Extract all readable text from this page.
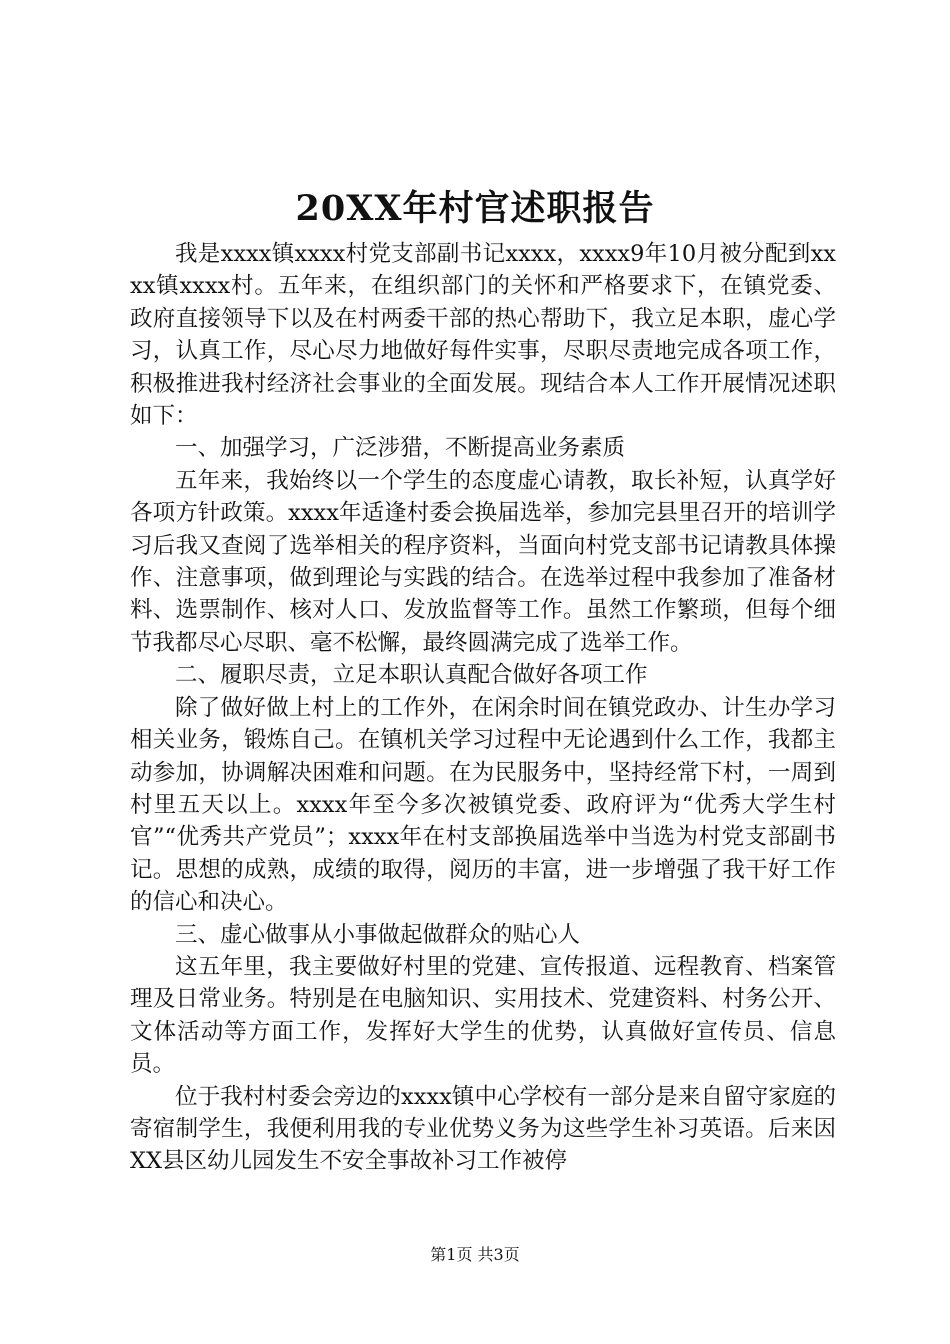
20XX年村官述职报告

我是xxxx镇xxxx村党支部副书记xxxx，xxxx9年10月被分配到xxxx镇xxxx村。五年来，在组织部门的关怀和严格要求下，在镇党委、政府直接领导下以及在村两委干部的热心帮助下，我立足本职，虚心学习，认真工作，尽心尽力地做好每件实事，尽职尽责地完成各项工作，积极推进我村经济社会事业的全面发展。现结合本人工作开展情况述职如下：

一、加强学习，广泛涉猎，不断提高业务素质

五年来，我始终以一个学生的态度虚心请教，取长补短，认真学好各项方针政策。xxxx年适逢村委会换届选举，参加完县里召开的培训学习后我又查阅了选举相关的程序资料，当面向村党支部书记请教具体操作、注意事项，做到理论与实践的结合。在选举过程中我参加了准备材料、选票制作、核对人口、发放监督等工作。虽然工作繁琐，但每个细节我都尽心尽职、毫不松懈，最终圆满完成了选举工作。

二、履职尽责，立足本职认真配合做好各项工作

除了做好做上村上的工作外，在闲余时间在镇党政办、计生办学习相关业务，锻炼自己。在镇机关学习过程中无论遇到什么工作，我都主动参加，协调解决困难和问题。在为民服务中，坚持经常下村，一周到村里五天以上。xxxx年至今多次被镇党委、政府评为“优秀大学生村官”“优秀共产党员”；xxxx年在村支部换届选举中当选为村党支部副书记。思想的成熟，成绩的取得，阅历的丰富，进一步增强了我干好工作的信心和决心。

三、虚心做事从小事做起做群众的贴心人

这五年里，我主要做好村里的党建、宣传报道、远程教育、档案管理及日常业务。特别是在电脑知识、实用技术、党建资料、村务公开、文体活动等方面工作，发挥好大学生的优势，认真做好宣传员、信息员。

位于我村村委会旁边的xxxx镇中心学校有一部分是来自留守家庭的寄宿制学生，我便利用我的专业优势义务为这些学生补习英语。后来因XX县区幼儿园发生不安全事故补习工作被停

第1页 共3页
